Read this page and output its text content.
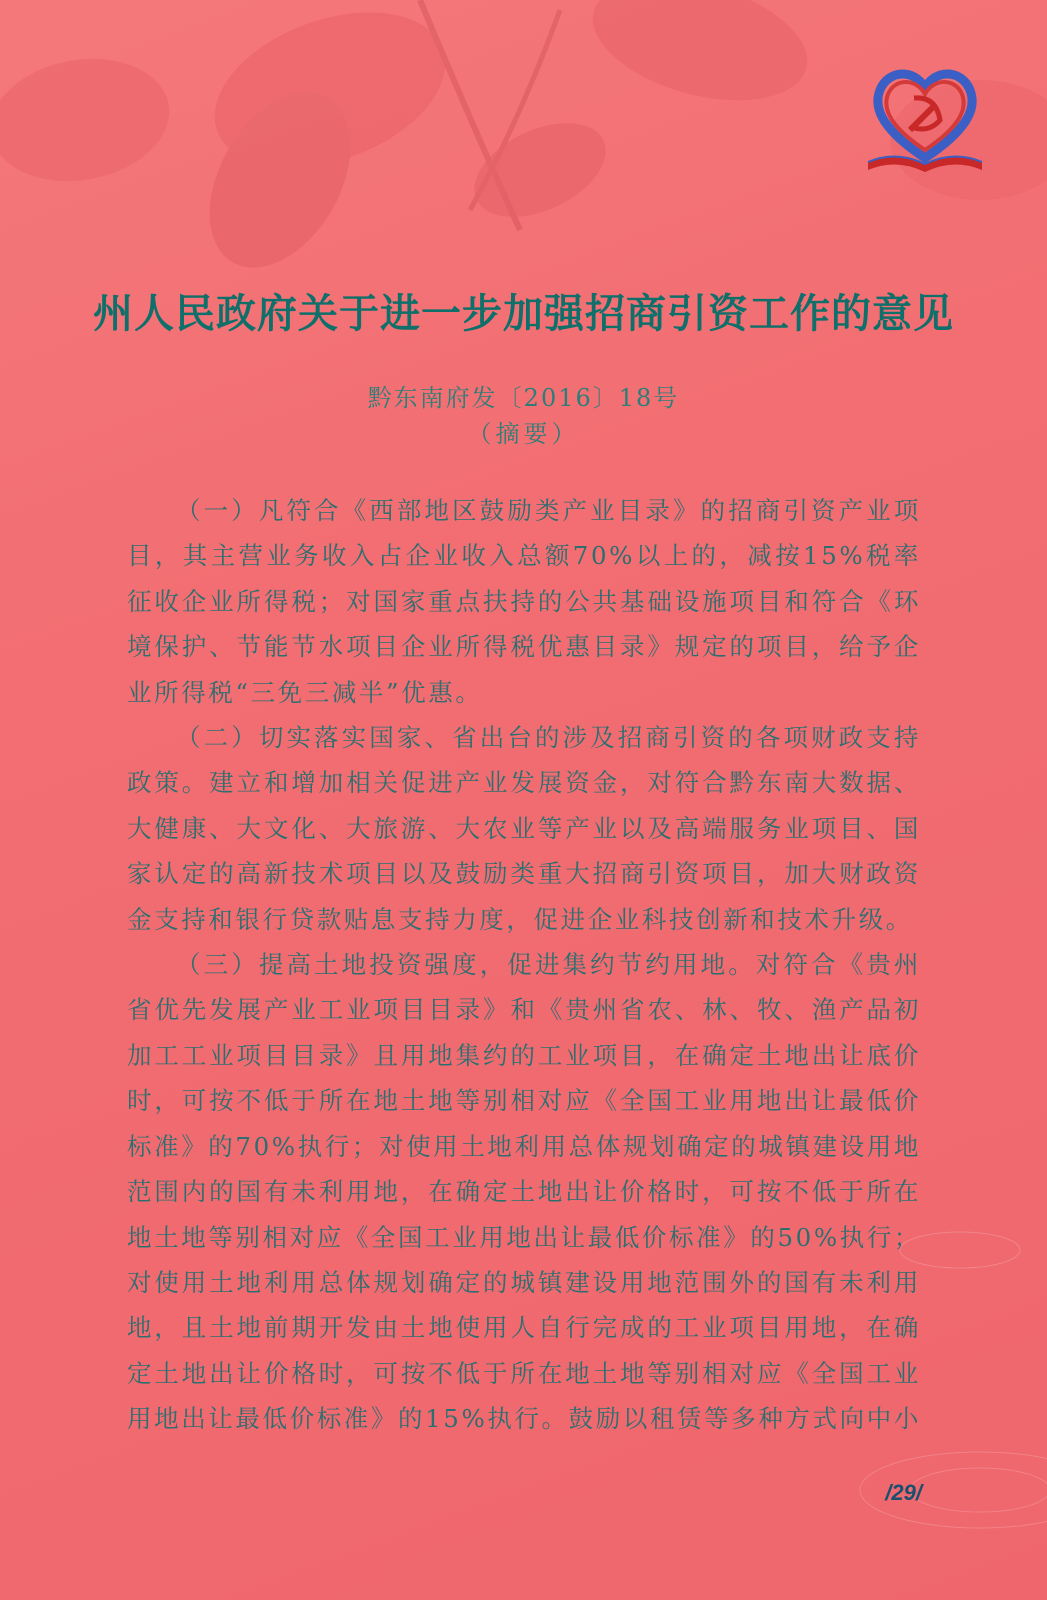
州人民政府关于进一步加强招商引资工作的意见
黔东南府发〔2016〕18号
（摘要）

（一）凡符合《西部地区鼓励类产业目录》的招商引资产业项目，其主营业务收入占企业收入总额70%以上的，减按15%税率征收企业所得税；对国家重点扶持的公共基础设施项目和符合《环境保护、节能节水项目企业所得税优惠目录》规定的项目，给予企业所得税“三免三减半”优惠。

（二）切实落实国家、省出台的涉及招商引资的各项财政支持政策。建立和增加相关促进产业发展资金，对符合黔东南大数据、大健康、大文化、大旅游、大农业等产业以及高端服务业项目、国家认定的高新技术项目以及鼓励类重大招商引资项目，加大财政资金支持和银行贷款贴息支持力度，促进企业科技创新和技术升级。

（三）提高土地投资强度，促进集约节约用地。对符合《贵州省优先发展产业工业项目目录》和《贵州省农、林、牧、渔产品初加工工业项目目录》且用地集约的工业项目，在确定土地出让底价时，可按不低于所在地土地等别相对应《全国工业用地出让最低价标准》的70%执行；对使用土地利用总体规划确定的城镇建设用地范围内的国有未利用地，在确定土地出让价格时，可按不低于所在地土地等别相对应《全国工业用地出让最低价标准》的50%执行；对使用土地利用总体规划确定的城镇建设用地范围外的国有未利用地，且土地前期开发由土地使用人自行完成的工业项目用地，在确定土地出让价格时，可按不低于所在地土地等别相对应《全国工业用地出让最低价标准》的15%执行。鼓励以租赁等多种方式向中小

/29/
